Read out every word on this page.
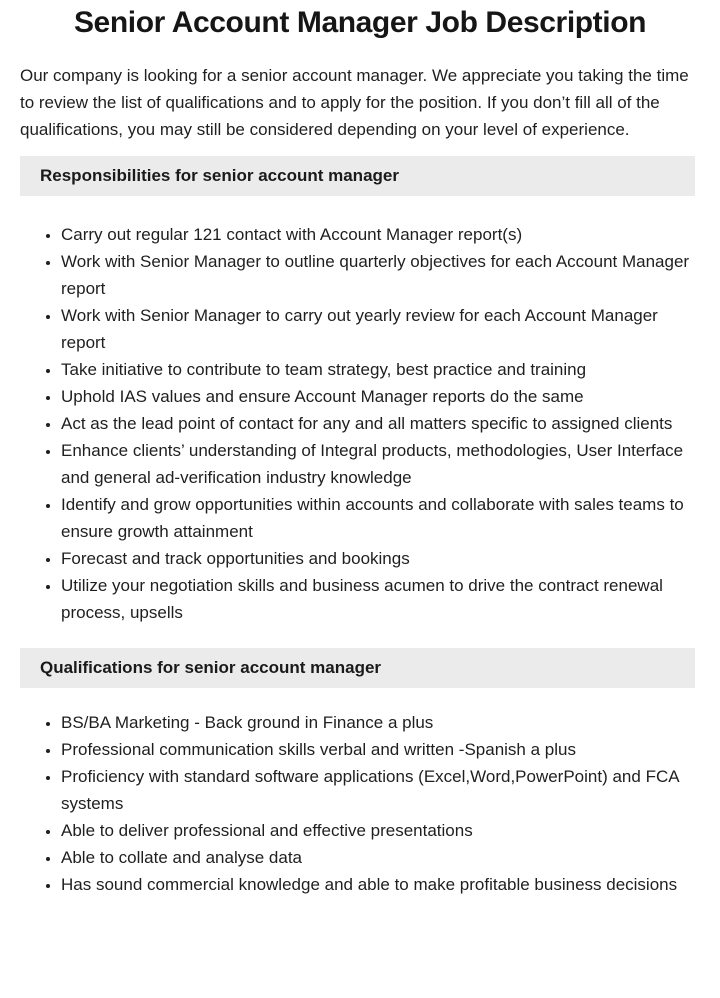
Senior Account Manager Job Description

Our company is looking for a senior account manager. We appreciate you taking the time to review the list of qualifications and to apply for the position. If you don’t fill all of the qualifications, you may still be considered depending on your level of experience.

Responsibilities for senior account manager
• Carry out regular 121 contact with Account Manager report(s)
• Work with Senior Manager to outline quarterly objectives for each Account Manager report
• Work with Senior Manager to carry out yearly review for each Account Manager report
• Take initiative to contribute to team strategy, best practice and training
• Uphold IAS values and ensure Account Manager reports do the same
• Act as the lead point of contact for any and all matters specific to assigned clients
• Enhance clients’ understanding of Integral products, methodologies, User Interface and general ad-verification industry knowledge
• Identify and grow opportunities within accounts and collaborate with sales teams to ensure growth attainment
• Forecast and track opportunities and bookings
• Utilize your negotiation skills and business acumen to drive the contract renewal process, upsells
Qualifications for senior account manager
• BS/BA Marketing - Back ground in Finance a plus
• Professional communication skills verbal and written -Spanish a plus
• Proficiency with standard software applications (Excel,Word,PowerPoint) and FCA systems
• Able to deliver professional and effective presentations
• Able to collate and analyse data
• Has sound commercial knowledge and able to make profitable business decisions
